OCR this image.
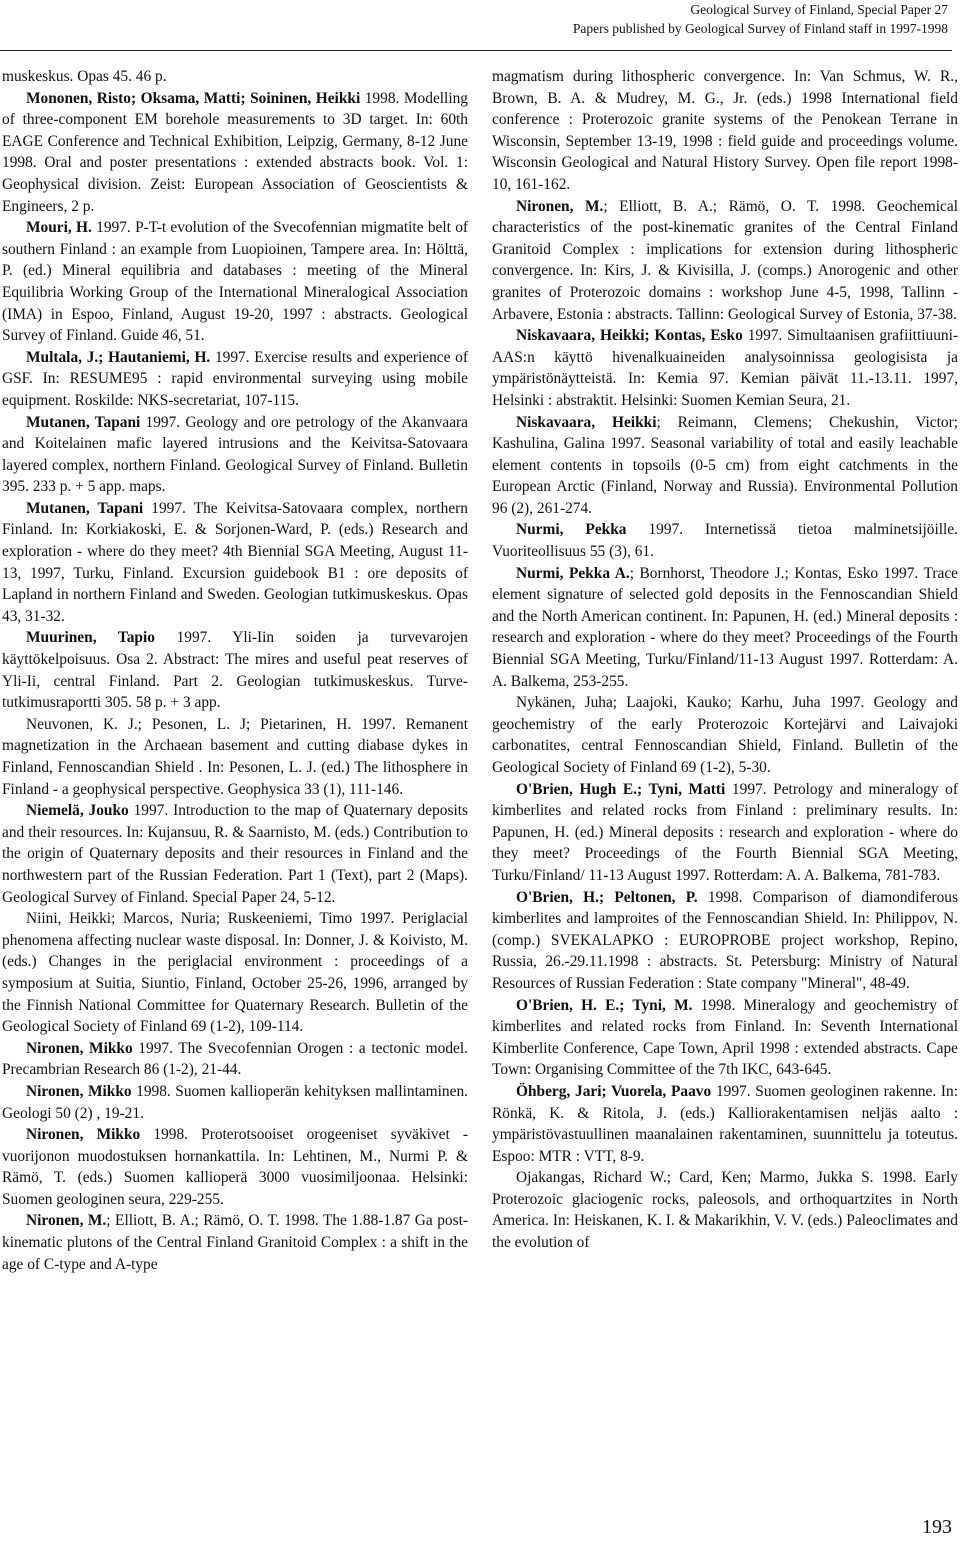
Geological Survey of Finland, Special Paper 27
Papers published by Geological Survey of Finland staff in 1997-1998

muskeskus. Opas 45. 46 p.

Mononen, Risto; Oksama, Matti; Soininen, Heikki 1998. Modelling of three-component EM borehole measurements to 3D target. In: 60th EAGE Conference and Technical Exhibition, Leipzig, Germany, 8-12 June 1998. Oral and poster presentations : extended abstracts book. Vol. 1: Geophysical division. Zeist: European Association of Geoscientists & Engineers, 2 p.

Mouri, H. 1997. P-T-t evolution of the Svecofennian migmatite belt of southern Finland : an example from Luopioinen, Tampere area. In: Hölttä, P. (ed.) Mineral equilibria and databases : meeting of the Mineral Equilibria Working Group of the International Mineralogical Association (IMA) in Espoo, Finland, August 19-20, 1997 : abstracts. Geological Survey of Finland. Guide 46, 51.

Multala, J.; Hautaniemi, H. 1997. Exercise results and experience of GSF. In: RESUME95 : rapid environmental surveying using mobile equipment. Roskilde: NKS-secretariat, 107-115.

Mutanen, Tapani 1997. Geology and ore petrology of the Akanvaara and Koitelainen mafic layered intrusions and the Keivitsa-Satovaara layered complex, northern Finland. Geological Survey of Finland. Bulletin 395. 233 p. + 5 app. maps.

Mutanen, Tapani 1997. The Keivitsa-Satovaara complex, northern Finland. In: Korkiakoski, E. & Sorjonen-Ward, P. (eds.) Research and exploration - where do they meet? 4th Biennial SGA Meeting, August 11-13, 1997, Turku, Finland. Excursion guidebook B1 : ore deposits of Lapland in northern Finland and Sweden. Geologian tutkimuskeskus. Opas 43, 31-32.

Muurinen, Tapio 1997. Yli-Iin soiden ja turvevarojen käyttökelpoisuus. Osa 2. Abstract: The mires and useful peat reserves of Yli-Ii, central Finland. Part 2. Geologian tutkimuskeskus. Turve-tutkimusraportti 305. 58 p. + 3 app.

Neuvonen, K. J.; Pesonen, L. J; Pietarinen, H. 1997. Remanent magnetization in the Archaean basement and cutting diabase dykes in Finland, Fennoscandian Shield . In: Pesonen, L. J. (ed.) The lithosphere in Finland - a geophysical perspective. Geophysica 33 (1), 111-146.

Niemelä, Jouko 1997. Introduction to the map of Quaternary deposits and their resources. In: Kujansuu, R. & Saarnisto, M. (eds.) Contribution to the origin of Quaternary deposits and their resources in Finland and the northwestern part of the Russian Federation. Part 1 (Text), part 2 (Maps). Geological Survey of Finland. Special Paper 24, 5-12.

Niini, Heikki; Marcos, Nuria; Ruskeeniemi, Timo 1997. Periglacial phenomena affecting nuclear waste disposal. In: Donner, J. & Koivisto, M. (eds.) Changes in the periglacial environment : proceedings of a symposium at Suitia, Siuntio, Finland, October 25-26, 1996, arranged by the Finnish National Committee for Quaternary Research. Bulletin of the Geological Society of Finland 69 (1-2), 109-114.

Nironen, Mikko 1997. The Svecofennian Orogen : a tectonic model. Precambrian Research 86 (1-2), 21-44.

Nironen, Mikko 1998. Suomen kallioperän kehityksen mallintaminen. Geologi 50 (2) , 19-21.

Nironen, Mikko 1998. Proterotsooiset orogeeniset syväkivet - vuorijonon muodostuksen hornankattila. In: Lehtinen, M., Nurmi P. & Rämö, T. (eds.) Suomen kallioperä 3000 vuosimiljoonaa. Helsinki: Suomen geologinen seura, 229-255.

Nironen, M.; Elliott, B. A.; Rämö, O. T. 1998. The 1.88-1.87 Ga post-kinematic plutons of the Central Finland Granitoid Complex : a shift in the age of C-type and A-type

magmatism during lithospheric convergence. In: Van Schmus, W. R., Brown, B. A. & Mudrey, M. G., Jr. (eds.) 1998 International field conference : Proterozoic granite systems of the Penokean Terrane in Wisconsin, September 13-19, 1998 : field guide and proceedings volume. Wisconsin Geological and Natural History Survey. Open file report 1998-10, 161-162.

Nironen, M.; Elliott, B. A.; Rämö, O. T. 1998. Geochemical characteristics of the post-kinematic granites of the Central Finland Granitoid Complex : implications for extension during lithospheric convergence. In: Kirs, J. & Kivisilla, J. (comps.) Anorogenic and other granites of Proterozoic domains : workshop June 4-5, 1998, Tallinn - Arbavere, Estonia : abstracts. Tallinn: Geological Survey of Estonia, 37-38.

Niskavaara, Heikki; Kontas, Esko 1997. Simultaanisen grafiittiuuni-AAS:n käyttö hivenalkuaineiden analysoinnissa geologisista ja ympäristönäytteistä. In: Kemia 97. Kemian päivät 11.-13.11. 1997, Helsinki : abstraktit. Helsinki: Suomen Kemian Seura, 21.

Niskavaara, Heikki; Reimann, Clemens; Chekushin, Victor; Kashulina, Galina 1997. Seasonal variability of total and easily leachable element contents in topsoils (0-5 cm) from eight catchments in the European Arctic (Finland, Norway and Russia). Environmental Pollution 96 (2), 261-274.

Nurmi, Pekka 1997. Internetissä tietoa malminetsijöille. Vuoriteollisuus 55 (3), 61.

Nurmi, Pekka A.; Bornhorst, Theodore J.; Kontas, Esko 1997. Trace element signature of selected gold deposits in the Fennoscandian Shield and the North American continent. In: Papunen, H. (ed.) Mineral deposits : research and exploration - where do they meet? Proceedings of the Fourth Biennial SGA Meeting, Turku/Finland/11-13 August 1997. Rotterdam: A. A. Balkema, 253-255.

Nykänen, Juha; Laajoki, Kauko; Karhu, Juha 1997. Geology and geochemistry of the early Proterozoic Kortejärvi and Laivajoki carbonatites, central Fennoscandian Shield, Finland. Bulletin of the Geological Society of Finland 69 (1-2), 5-30.

O'Brien, Hugh E.; Tyni, Matti 1997. Petrology and mineralogy of kimberlites and related rocks from Finland : preliminary results. In: Papunen, H. (ed.) Mineral deposits : research and exploration - where do they meet? Proceedings of the Fourth Biennial SGA Meeting, Turku/Finland/ 11-13 August 1997. Rotterdam: A. A. Balkema, 781-783.

O'Brien, H.; Peltonen, P. 1998. Comparison of diamondiferous kimberlites and lamproites of the Fennoscandian Shield. In: Philippov, N. (comp.) SVEKALAPKO : EUROPROBE project workshop, Repino, Russia, 26.-29.11.1998 : abstracts. St. Petersburg: Ministry of Natural Resources of Russian Federation : State company "Mineral", 48-49.

O'Brien, H. E.; Tyni, M. 1998. Mineralogy and geochemistry of kimberlites and related rocks from Finland. In: Seventh International Kimberlite Conference, Cape Town, April 1998 : extended abstracts. Cape Town: Organising Committee of the 7th IKC, 643-645.

Öhberg, Jari; Vuorela, Paavo 1997. Suomen geologinen rakenne. In: Rönkä, K. & Ritola, J. (eds.) Kalliorakentamisen neljäs aalto : ympäristövastuullinen maanalainen rakentaminen, suunnittelu ja toteutus. Espoo: MTR : VTT, 8-9.

Ojakangas, Richard W.; Card, Ken; Marmo, Jukka S. 1998. Early Proterozoic glaciogenic rocks, paleosols, and orthoquartzites in North America. In: Heiskanen, K. I. & Makarikhin, V. V. (eds.) Paleoclimates and the evolution of

193
